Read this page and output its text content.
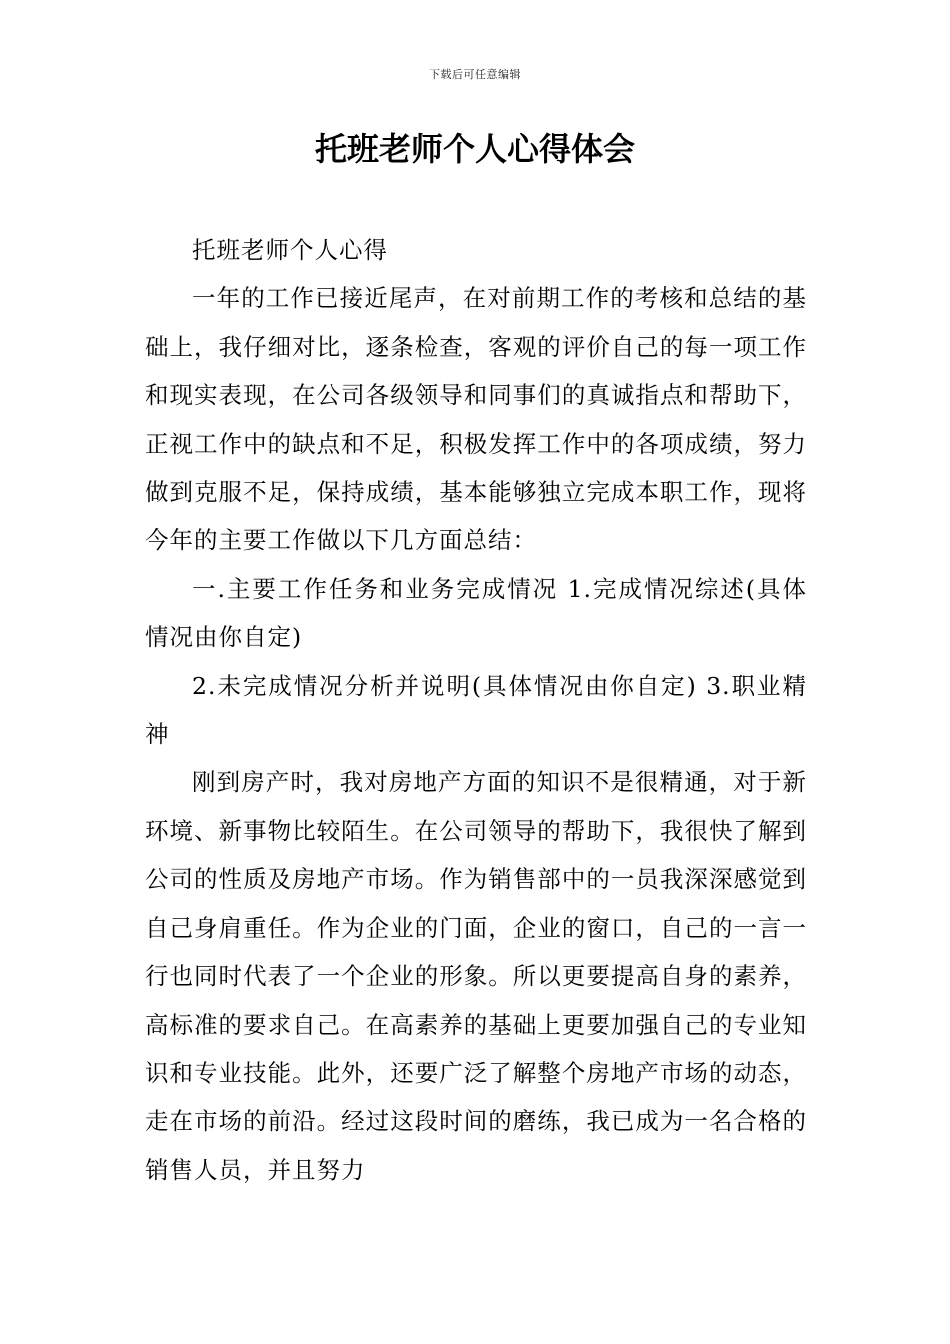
下载后可任意编辑
托班老师个人心得体会

托班老师个人心得

一年的工作已接近尾声，在对前期工作的考核和总结的基础上，我仔细对比，逐条检查，客观的评价自己的每一项工作和现实表现，在公司各级领导和同事们的真诚指点和帮助下，正视工作中的缺点和不足，积极发挥工作中的各项成绩，努力做到克服不足，保持成绩，基本能够独立完成本职工作，现将今年的主要工作做以下几方面总结：

一.主要工作任务和业务完成情况 1.完成情况综述(具体情况由你自定)

2.未完成情况分析并说明(具体情况由你自定) 3.职业精神

刚到房产时，我对房地产方面的知识不是很精通，对于新环境、新事物比较陌生。在公司领导的帮助下，我很快了解到公司的性质及房地产市场。作为销售部中的一员我深深感觉到自己身肩重任。作为企业的门面，企业的窗口，自己的一言一行也同时代表了一个企业的形象。所以更要提高自身的素养，高标准的要求自己。在高素养的基础上更要加强自己的专业知识和专业技能。此外，还要广泛了解整个房地产市场的动态，走在市场的前沿。经过这段时间的磨练，我已成为一名合格的销售人员，并且努力
